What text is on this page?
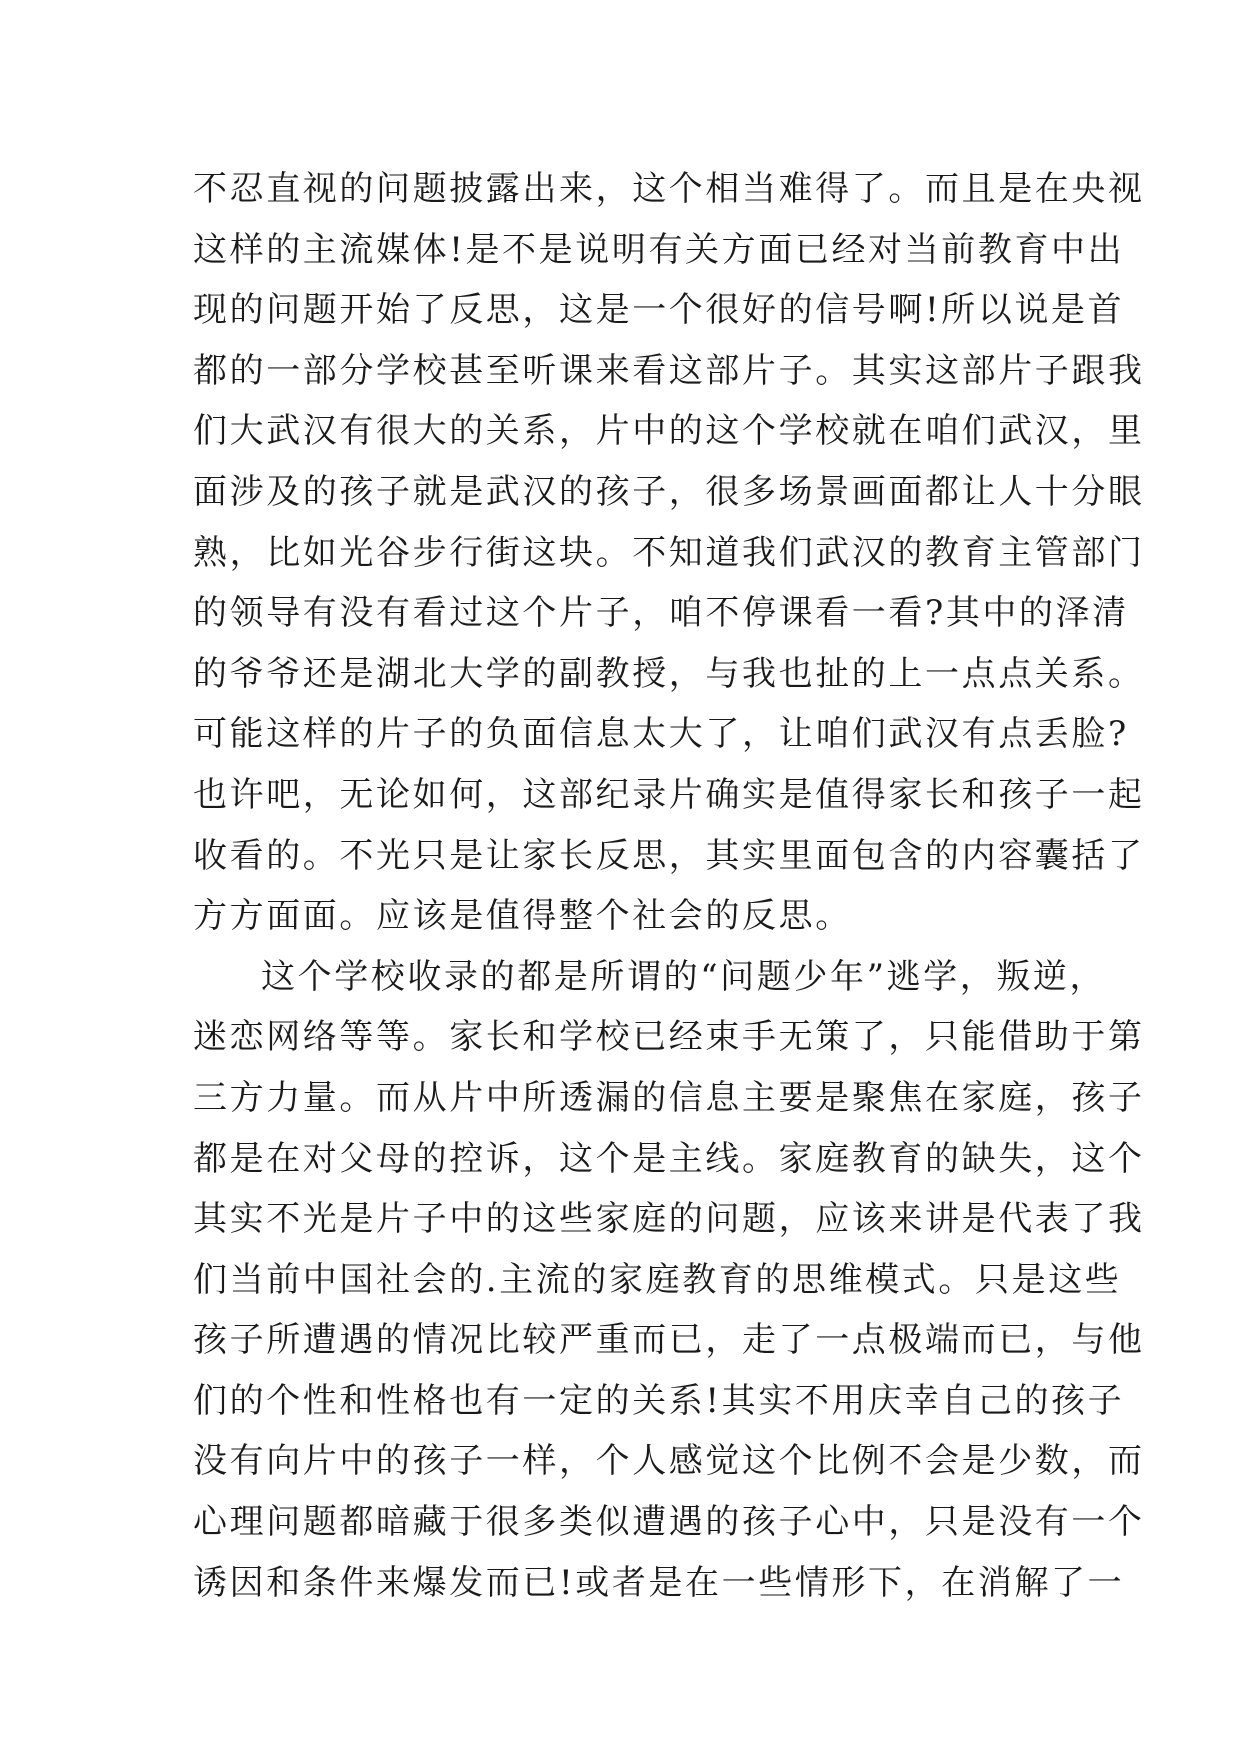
不忍直视的问题披露出来，这个相当难得了。而且是在央视
这样的主流媒体!是不是说明有关方面已经对当前教育中出
现的问题开始了反思，这是一个很好的信号啊!所以说是首
都的一部分学校甚至听课来看这部片子。其实这部片子跟我
们大武汉有很大的关系，片中的这个学校就在咱们武汉，里
面涉及的孩子就是武汉的孩子，很多场景画面都让人十分眼
熟，比如光谷步行街这块。不知道我们武汉的教育主管部门
的领导有没有看过这个片子，咱不停课看一看?其中的泽清
的爷爷还是湖北大学的副教授，与我也扯的上一点点关系。
可能这样的片子的负面信息太大了，让咱们武汉有点丢脸?
也许吧，无论如何，这部纪录片确实是值得家长和孩子一起
收看的。不光只是让家长反思，其实里面包含的内容囊括了
方方面面。应该是值得整个社会的反思。
这个学校收录的都是所谓的“问题少年”逃学，叛逆，
迷恋网络等等。家长和学校已经束手无策了，只能借助于第
三方力量。而从片中所透漏的信息主要是聚焦在家庭，孩子
都是在对父母的控诉，这个是主线。家庭教育的缺失，这个
其实不光是片子中的这些家庭的问题，应该来讲是代表了我
们当前中国社会的.主流的家庭教育的思维模式。只是这些
孩子所遭遇的情况比较严重而已，走了一点极端而已，与他
们的个性和性格也有一定的关系!其实不用庆幸自己的孩子
没有向片中的孩子一样，个人感觉这个比例不会是少数，而
心理问题都暗藏于很多类似遭遇的孩子心中，只是没有一个
诱因和条件来爆发而已!或者是在一些情形下，在消解了一
